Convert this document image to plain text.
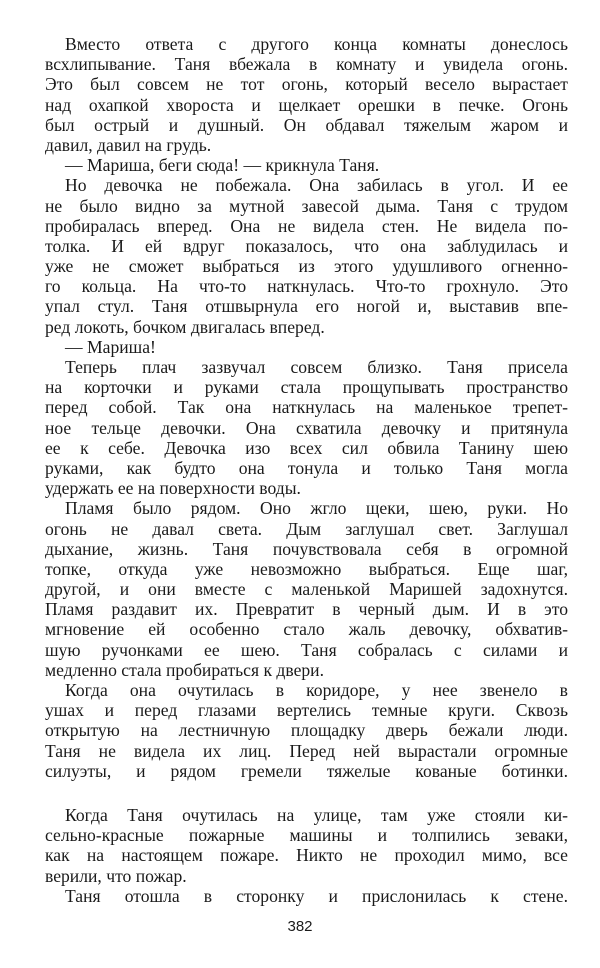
Вместо ответа с другого конца комнаты донеслось
всхлипывание. Таня вбежала в комнату и увидела огонь.
Это был совсем не тот огонь, который весело вырастает
над охапкой хвороста и щелкает орешки в печке. Огонь
был острый и душный. Он обдавал тяжелым жаром и
давил, давил на грудь.
— Мариша, беги сюда! — крикнула Таня.
Но девочка не побежала. Она забилась в угол. И ее
не было видно за мутной завесой дыма. Таня с трудом
пробиралась вперед. Она не видела стен. Не видела по-
толка. И ей вдруг показалось, что она заблудилась и
уже не сможет выбраться из этого удушливого огненно-
го кольца. На что-то наткнулась. Что-то грохнуло. Это
упал стул. Таня отшвырнула его ногой и, выставив впе-
ред локоть, бочком двигалась вперед.
— Мариша!
Теперь плач зазвучал совсем близко. Таня присела
на корточки и руками стала прощупывать пространство
перед собой. Так она наткнулась на маленькое трепет-
ное тельце девочки. Она схватила девочку и притянула
ее к себе. Девочка изо всех сил обвила Танину шею
руками, как будто она тонула и только Таня могла
удержать ее на поверхности воды.
Пламя было рядом. Оно жгло щеки, шею, руки. Но
огонь не давал света. Дым заглушал свет. Заглушал
дыхание, жизнь. Таня почувствовала себя в огромной
топке, откуда уже невозможно выбраться. Еще шаг,
другой, и они вместе с маленькой Маришей задохнутся.
Пламя раздавит их. Превратит в черный дым. И в это
мгновение ей особенно стало жаль девочку, обхватив-
шую ручонками ее шею. Таня собралась с силами и
медленно стала пробираться к двери.
Когда она очутилась в коридоре, у нее звенело в
ушах и перед глазами вертелись темные круги. Сквозь
открытую на лестничную площадку дверь бежали люди.
Таня не видела их лиц. Перед ней вырастали огромные
силуэты, и рядом гремели тяжелые кованые ботинки.
Когда Таня очутилась на улице, там уже стояли ки-
сельно-красные пожарные машины и толпились зеваки,
как на настоящем пожаре. Никто не проходил мимо, все
верили, что пожар.
Таня отошла в сторонку и прислонилась к стене.
382
